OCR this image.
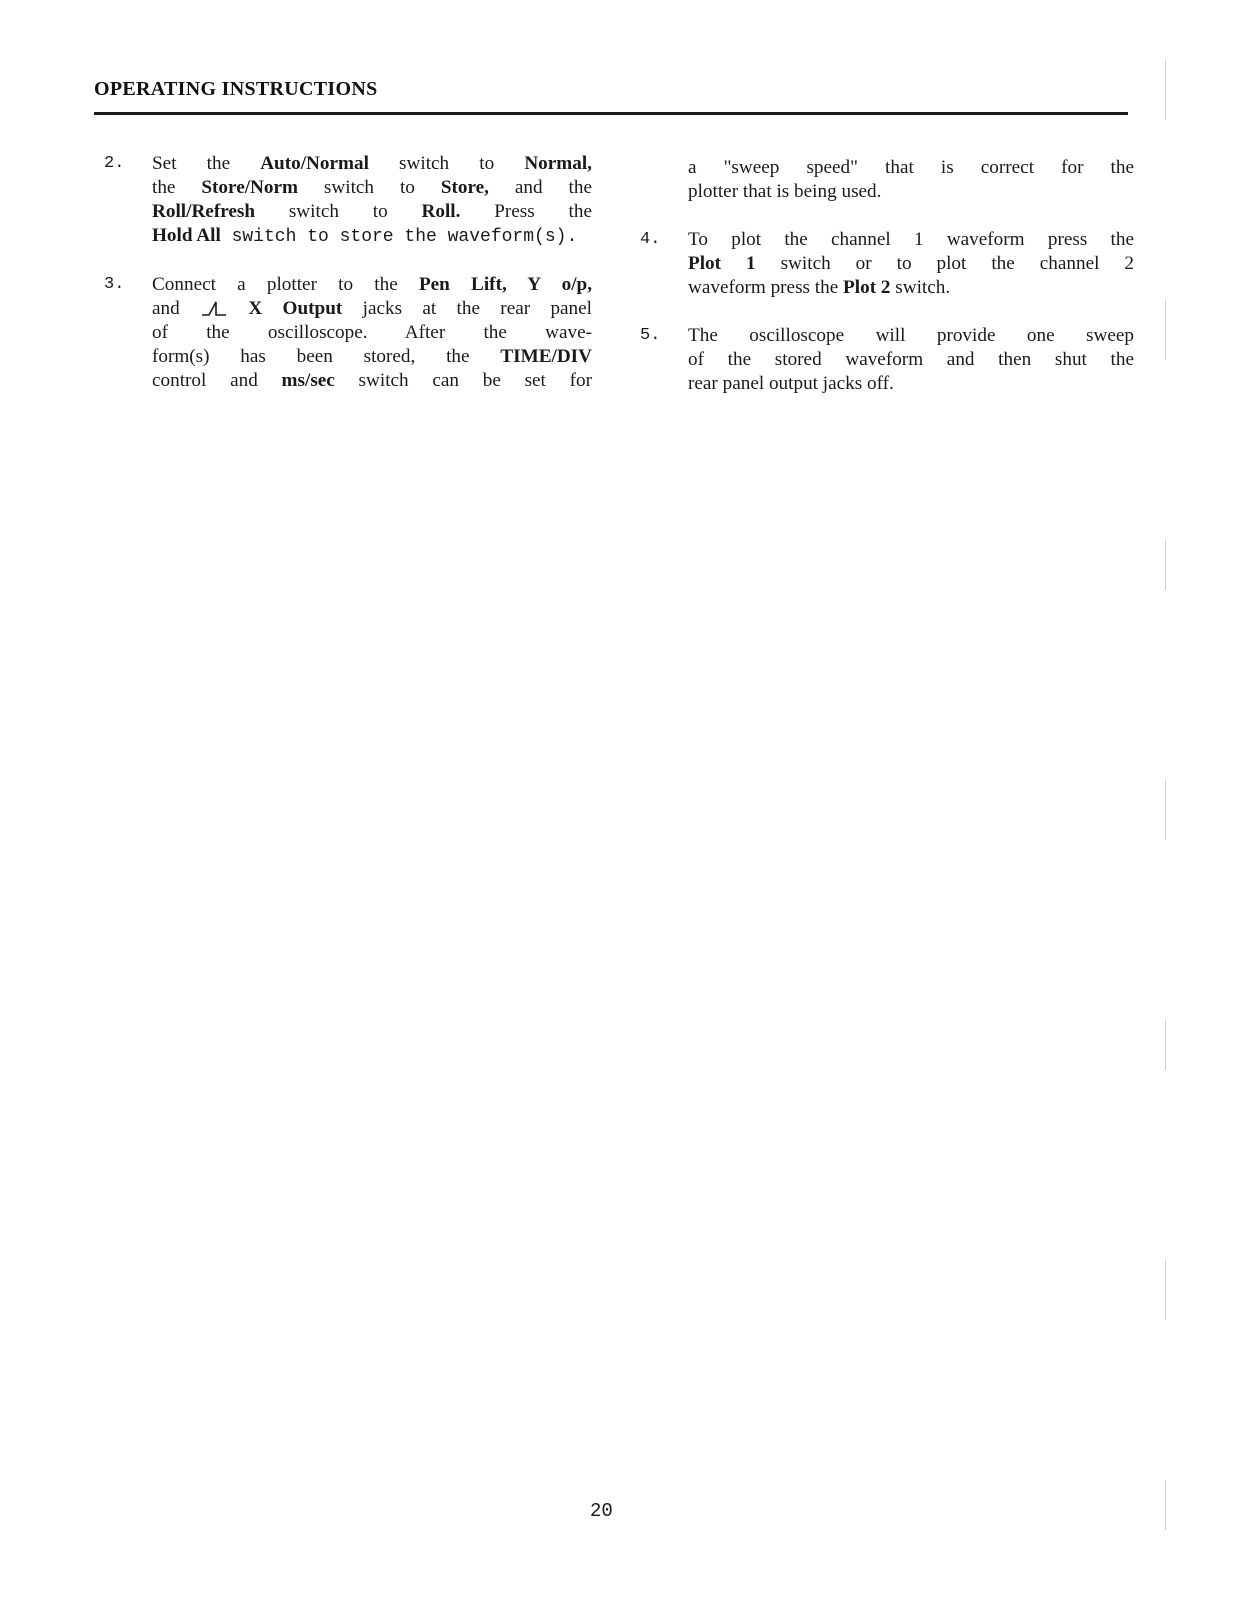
OPERATING INSTRUCTIONS
2.	Set the Auto/Normal switch to Normal,
the Store/Norm switch to Store, and the
Roll/Refresh switch to Roll. Press the
Hold All switch to store the waveform(s).
3.	Connect a plotter to the Pen Lift, Y o/p,
and	X Output jacks at the rear panel
of the oscilloscope. After the wave-
form(s) has been stored, the TIME/DIV
control and ms/sec switch can be set for
a "sweep speed" that is correct for the
plotter that is being used.
4.	To plot the channel 1 waveform press the
Plot 1 switch or to plot the channel 2
waveform press the Plot 2 switch.
5.	The oscilloscope will provide one sweep
of the stored waveform and then shut the
rear panel output jacks off.
20
